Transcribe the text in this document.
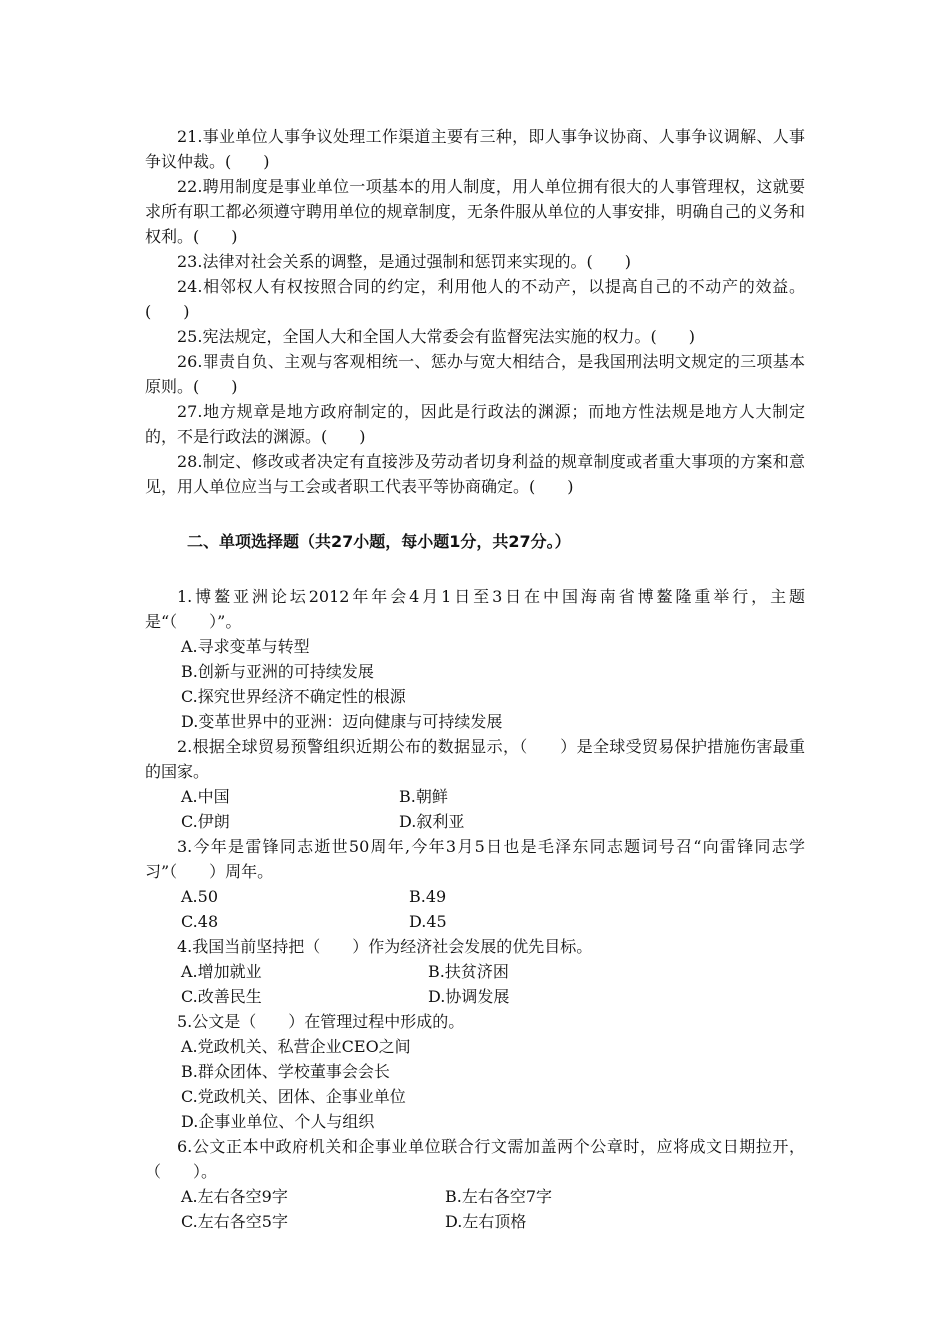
21.事业单位人事争议处理工作渠道主要有三种，即人事争议协商、人事争议调解、人事争议仲裁。(　　)

22.聘用制度是事业单位一项基本的用人制度，用人单位拥有很大的人事管理权，这就要求所有职工都必须遵守聘用单位的规章制度，无条件服从单位的人事安排，明确自己的义务和权利。(　　)

23.法律对社会关系的调整，是通过强制和惩罚来实现的。(　　)

24.相邻权人有权按照合同的约定，利用他人的不动产，以提高自己的不动产的效益。(　　)

25.宪法规定，全国人大和全国人大常委会有监督宪法实施的权力。(　　)

26.罪责自负、主观与客观相统一、惩办与宽大相结合，是我国刑法明文规定的三项基本原则。(　　)

27.地方规章是地方政府制定的，因此是行政法的渊源；而地方性法规是地方人大制定的，不是行政法的渊源。(　　)

28.制定、修改或者决定有直接涉及劳动者切身利益的规章制度或者重大事项的方案和意见，用人单位应当与工会或者职工代表平等协商确定。(　　)

二、单项选择题（共27小题，每小题1分，共27分。）

1.博鳌亚洲论坛2012年年会4月1日至3日在中国海南省博鳌隆重举行，主题是“（　　）”。

A.寻求变革与转型

B.创新与亚洲的可持续发展

C.探究世界经济不确定性的根源

D.变革世界中的亚洲：迈向健康与可持续发展

2.根据全球贸易预警组织近期公布的数据显示，（　　）是全球受贸易保护措施伤害最重的国家。

A.中国	B.朝鲜
C.伊朗	D.叙利亚

3.今年是雷锋同志逝世50周年,今年3月5日也是毛泽东同志题词号召“向雷锋同志学习”（　　）周年。

A.50	B.49
C.48	D.45

4.我国当前坚持把（　　）作为经济社会发展的优先目标。

A.增加就业	B.扶贫济困
C.改善民生	D.协调发展

5.公文是（　　）在管理过程中形成的。

A.党政机关、私营企业CEO之间

B.群众团体、学校董事会会长

C.党政机关、团体、企事业单位

D.企事业单位、个人与组织

6.公文正本中政府机关和企事业单位联合行文需加盖两个公章时，应将成文日期拉开，（　　）。

A.左右各空9字	B.左右各空7字
C.左右各空5字	D.左右顶格
